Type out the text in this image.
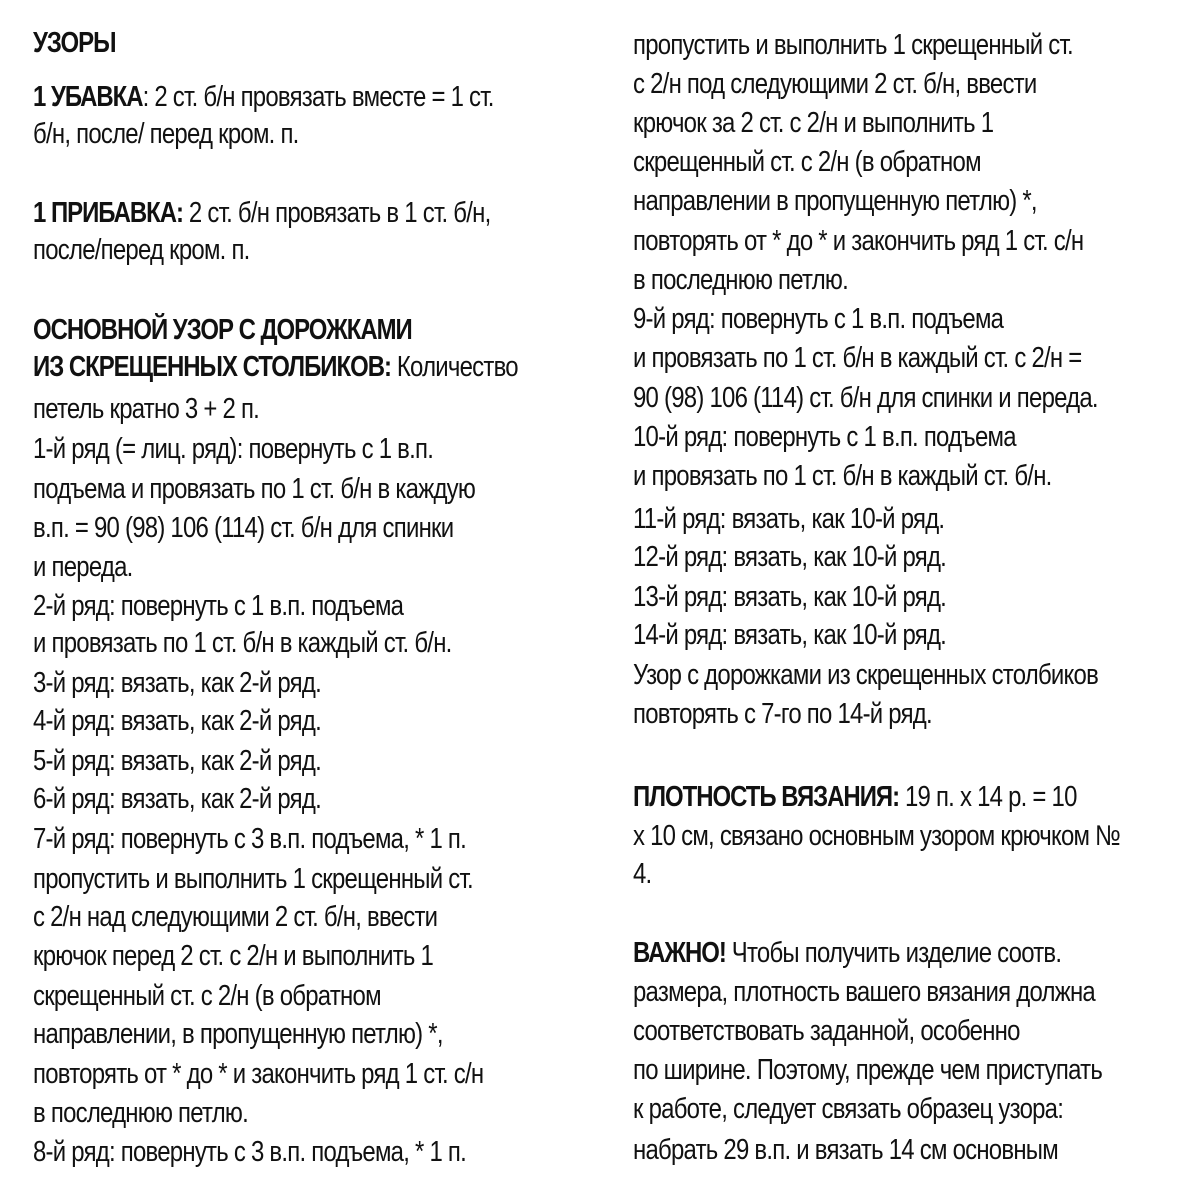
УЗОРЫ
1 УБАВКА: 2 ст. б/н провязать вместе = 1 ст.
б/н, после/ перед кром. п.
1 ПРИБАВКА: 2 ст. б/н провязать в 1 ст. б/н,
после/перед кром. п.
ОСНОВНОЙ УЗОР С ДОРОЖКАМИ
ИЗ СКРЕЩЕННЫХ СТОЛБИКОВ: Количество
петель кратно 3 + 2 п.
1-й ряд (= лиц. ряд): повернуть с 1 в.п.
подъема и провязать по 1 ст. б/н в каждую
в.п. = 90 (98) 106 (114) ст. б/н для спинки
и переда.
2-й ряд: повернуть с 1 в.п. подъема
и провязать по 1 ст. б/н в каждый ст. б/н.
3-й ряд: вязать, как 2-й ряд.
4-й ряд: вязать, как 2-й ряд.
5-й ряд: вязать, как 2-й ряд.
6-й ряд: вязать, как 2-й ряд.
7-й ряд: повернуть с 3 в.п. подъема, * 1 п.
пропустить и выполнить 1 скрещенный ст.
с 2/н над следующими 2 ст. б/н, ввести
крючок перед 2 ст. с 2/н и выполнить 1
скрещенный ст. с 2/н (в обратном
направлении, в пропущенную петлю) *,
повторять от * до * и закончить ряд 1 ст. с/н
в последнюю петлю.
8-й ряд: повернуть с 3 в.п. подъема, * 1 п.
пропустить и выполнить 1 скрещенный ст.
с 2/н под следующими 2 ст. б/н, ввести
крючок за 2 ст. с 2/н и выполнить 1
скрещенный ст. с 2/н (в обратном
направлении в пропущенную петлю) *,
повторять от * до * и закончить ряд 1 ст. с/н
в последнюю петлю.
9-й ряд: повернуть с 1 в.п. подъема
и провязать по 1 ст. б/н в каждый ст. с 2/н =
90 (98) 106 (114) ст. б/н для спинки и переда.
10-й ряд: повернуть с 1 в.п. подъема
и провязать по 1 ст. б/н в каждый ст. б/н.
11-й ряд: вязать, как 10-й ряд.
12-й ряд: вязать, как 10-й ряд.
13-й ряд: вязать, как 10-й ряд.
14-й ряд: вязать, как 10-й ряд.
Узор с дорожками из скрещенных столбиков
повторять с 7-го по 14-й ряд.
ПЛОТНОСТЬ ВЯЗАНИЯ: 19 п. х 14 р. = 10
х 10 см, связано основным узором крючком №
4.
ВАЖНО! Чтобы получить изделие соотв.
размера, плотность вашего вязания должна
соответствовать заданной, особенно
по ширине. Поэтому, прежде чем приступать
к работе, следует связать образец узора:
набрать 29 в.п. и вязать 14 см основным
